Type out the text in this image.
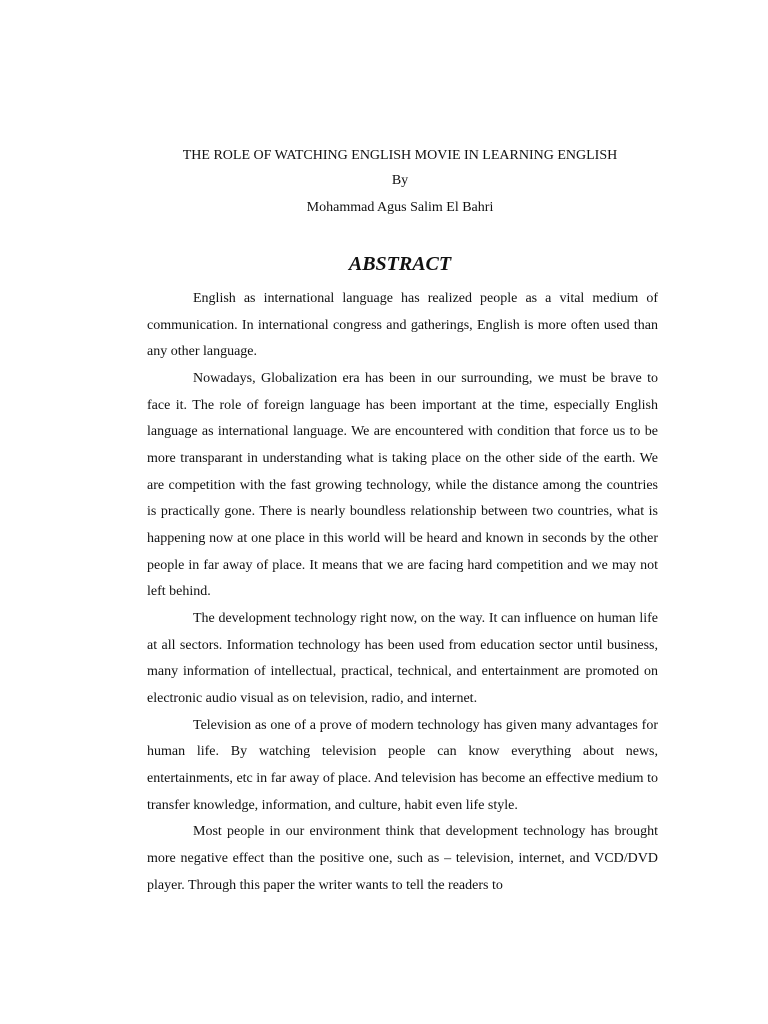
THE ROLE OF WATCHING ENGLISH MOVIE IN LEARNING ENGLISH

By

Mohammad Agus Salim El Bahri

ABSTRACT

English as international language has realized people as a vital medium of communication. In international congress and gatherings, English is more often used than any other language.

Nowadays, Globalization era has been in our surrounding, we must be brave to face it. The role of foreign language has been important at the time, especially English language as international language. We are encountered with condition that force us to be more transparant in understanding what is taking place on the other side of the earth. We are competition with the fast growing technology, while the distance among the countries is practically gone. There is nearly boundless relationship between two countries, what is happening now at one place in this world will be heard and known in seconds by the other people in far away of place. It means that we are facing hard competition and we may not left behind.

The development technology right now, on the way. It can influence on human life at all sectors. Information technology has been used from education sector until business, many information of intellectual, practical, technical, and entertainment are promoted on electronic audio visual as on television, radio, and internet.

Television as one of a prove of modern technology has given many advantages for human life. By watching television people can know everything about news, entertainments, etc in far away of place. And television has become an effective medium to transfer knowledge, information, and culture, habit even life style.

Most people in our environment think that development technology has brought more negative effect than the positive one, such as – television, internet, and VCD/DVD player. Through this paper the writer wants to tell the readers to
